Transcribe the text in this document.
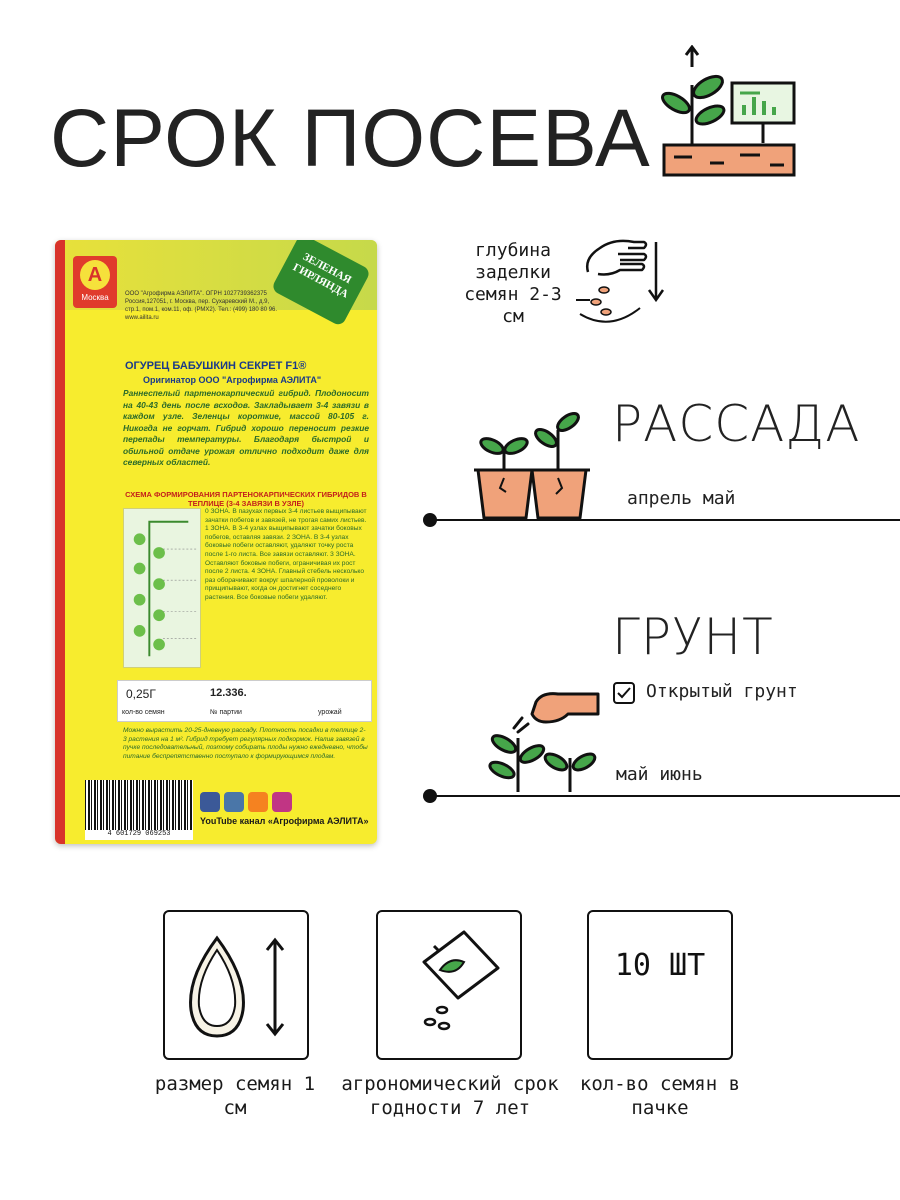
СРОК ПОСЕВА
А
Москва
ЗЕЛЕНАЯ ГИРЛЯНДА
ООО "Агрофирма АЭЛИТА". ОГРН 1027739362375 Россия,127051, г. Москва, пер. Сухаревский М., д.9, стр.1, пом.1, ком.11, оф. (РМХ2). Тел.: (499) 180 80 96. www.ailita.ru
ОГУРЕЦ БАБУШКИН СЕКРЕТ F1®
Оригинатор ООО "Агрофирма АЭЛИТА"
Раннеспелый партенокарпический гибрид. Плодоносит на 40-43 день после всходов. Закладывает 3-4 завязи в каждом узле. Зеленцы короткие, массой 80-105 г. Никогда не горчат. Гибрид хорошо переносит резкие перепады температуры. Благодаря быстрой и обильной отдаче урожая отлично подходит даже для северных областей.
СХЕМА ФОРМИРОВАНИЯ ПАРТЕНОКАРПИЧЕСКИХ ГИБРИДОВ В ТЕПЛИЦЕ (3-4 ЗАВЯЗИ В УЗЛЕ)
0 ЗОНА. В пазухах первых 3-4 листьев выщипывают зачатки побегов и завязей, не трогая самих листьев. 1 ЗОНА. В 3-4 узлах выщипывают зачатки боковых побегов, оставляя завязи. 2 ЗОНА. В 3-4 узлах боковые побеги оставляют, удаляют точку роста после 1-го листа. Все завязи оставляют. 3 ЗОНА. Оставляют боковые побеги, ограничивая их рост после 2 листа. 4 ЗОНА. Главный стебель несколько раз оборачивают вокруг шпалерной проволоки и прищипывают, когда он достигнет соседнего растения. Все боковые побеги удаляют.
0,25Г	12.336.
кол-во семян	№ партии	урожай
Можно вырастить 20-25-дневную рассаду. Плотность посадки в теплице 2-3 растения на 1 м². Гибрид требует регулярных подкормок. Налив завязей в пучке последовательный, поэтому собирать плоды нужно ежедневно, чтобы питание беспрепятственно поступало к формирующимся плодам.
4 601729 069253
YouTube канал «Агрофирма АЭЛИТА»
глубина заделки семян 2-3 см
РАССАДА
апрель май
ГРУНТ
Открытый грунт
май июнь
размер семян 1 см
агрономический срок годности 7 лет
10 ШТ
кол-во семян в пачке
